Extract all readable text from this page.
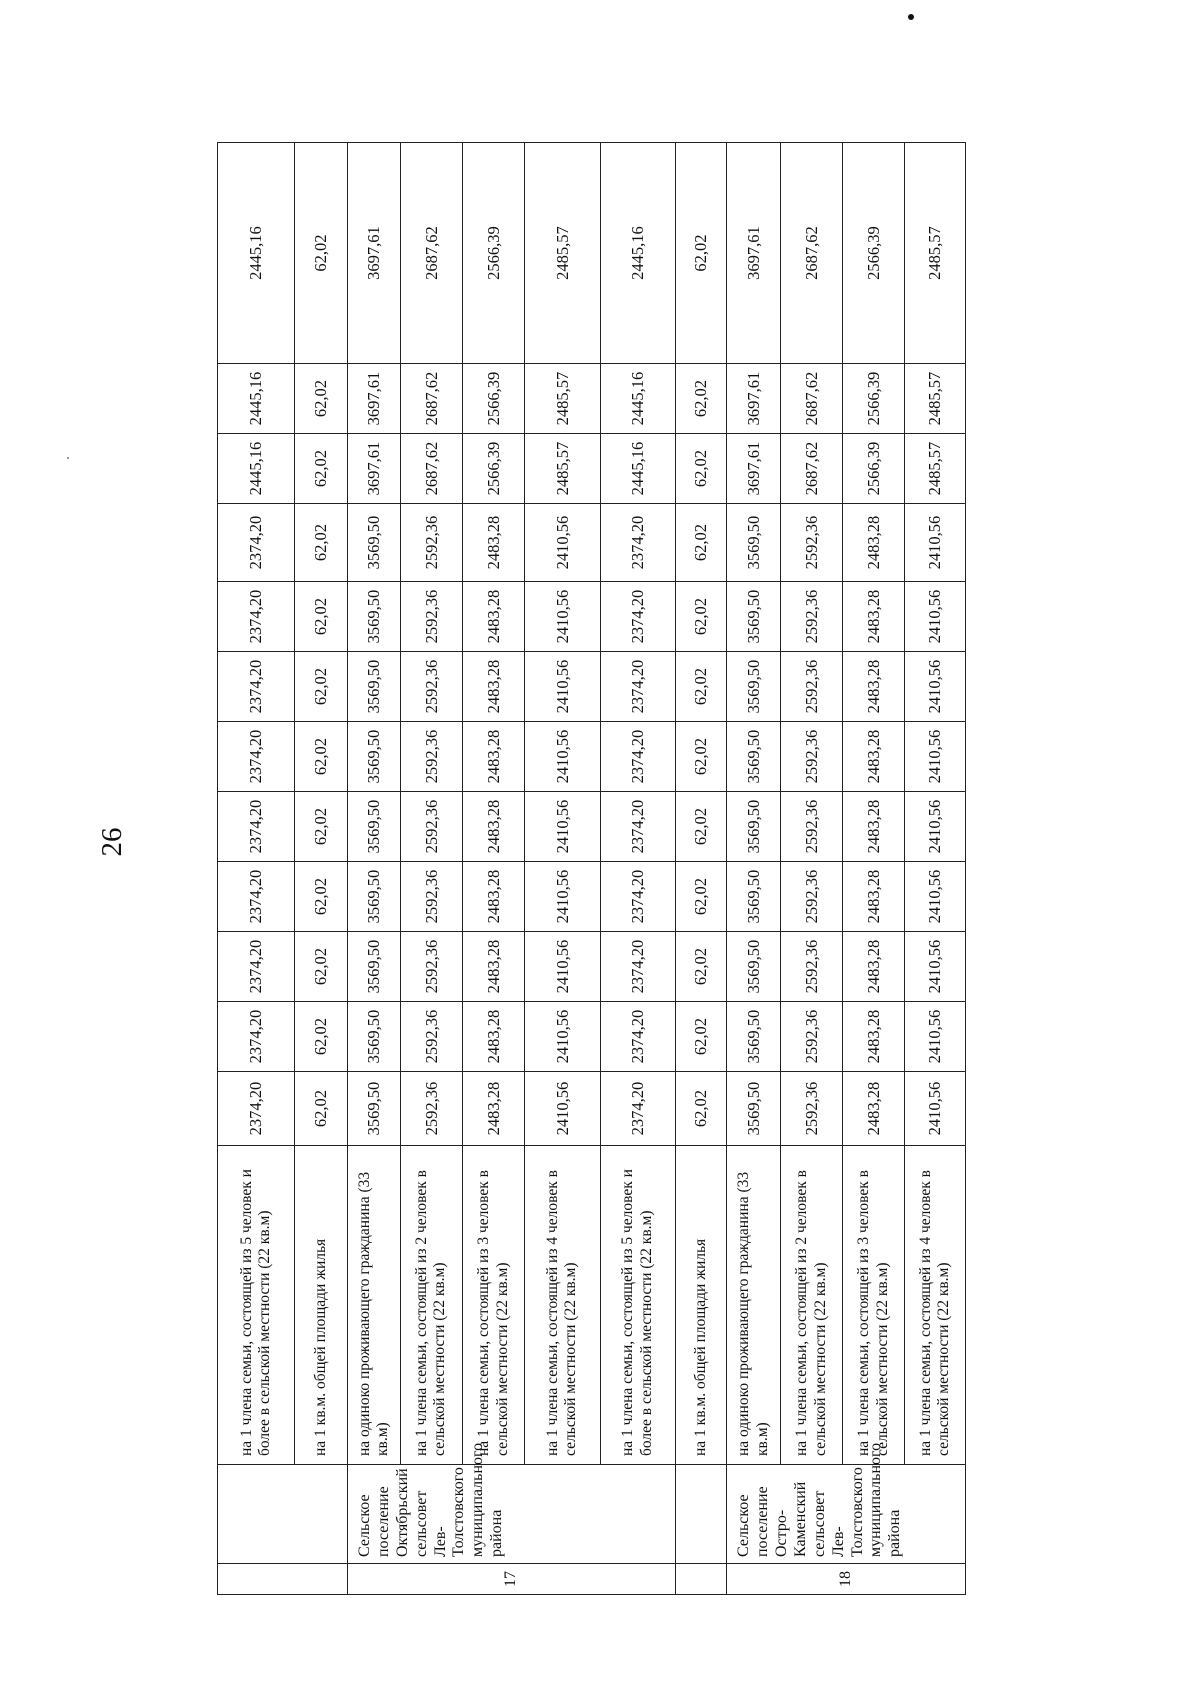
26
		на 1 члена семьи, состоящей из 5 человек и более в сельской местности (22 кв.м)	2374,20	2374,20	2374,20	2374,20	2374,20	2374,20	2374,20	2374,20	2374,20	2445,16	2445,16	2445,16
		на 1 кв.м. общей площади жилья	62,02	62,02	62,02	62,02	62,02	62,02	62,02	62,02	62,02	62,02	62,02	62,02
17	Сельское поселение Октябрьский сельсовет Лев-Толстовского муниципального района	на одиноко проживающего гражданина (33 кв.м)	3569,50	3569,50	3569,50	3569,50	3569,50	3569,50	3569,50	3569,50	3569,50	3697,61	3697,61	3697,61
		на 1 члена семьи, состоящей из 2 человек в сельской местности (22 кв.м)	2592,36	2592,36	2592,36	2592,36	2592,36	2592,36	2592,36	2592,36	2592,36	2687,62	2687,62	2687,62
		на 1 члена семьи, состоящей из 3 человек в сельской местности (22 кв.м)	2483,28	2483,28	2483,28	2483,28	2483,28	2483,28	2483,28	2483,28	2483,28	2566,39	2566,39	2566,39
		на 1 члена семьи, состоящей из 4 человек в сельской местности (22 кв.м)	2410,56	2410,56	2410,56	2410,56	2410,56	2410,56	2410,56	2410,56	2410,56	2485,57	2485,57	2485,57
		на 1 члена семьи, состоящей из 5 человек и более в сельской местности (22 кв.м)	2374,20	2374,20	2374,20	2374,20	2374,20	2374,20	2374,20	2374,20	2374,20	2445,16	2445,16	2445,16
		на 1 кв.м. общей площади жилья	62,02	62,02	62,02	62,02	62,02	62,02	62,02	62,02	62,02	62,02	62,02	62,02
18	Сельское поселение Остро-Каменский сельсовет Лев-Толстовского муниципального района	на одиноко проживающего гражданина (33 кв.м)	3569,50	3569,50	3569,50	3569,50	3569,50	3569,50	3569,50	3569,50	3569,50	3697,61	3697,61	3697,61
		на 1 члена семьи, состоящей из 2 человек в сельской местности (22 кв.м)	2592,36	2592,36	2592,36	2592,36	2592,36	2592,36	2592,36	2592,36	2592,36	2687,62	2687,62	2687,62
		на 1 члена семьи, состоящей из 3 человек в сельской местности (22 кв.м)	2483,28	2483,28	2483,28	2483,28	2483,28	2483,28	2483,28	2483,28	2483,28	2566,39	2566,39	2566,39
		на 1 члена семьи, состоящей из 4 человек в сельской местности (22 кв.м)	2410,56	2410,56	2410,56	2410,56	2410,56	2410,56	2410,56	2410,56	2410,56	2485,57	2485,57	2485,57
